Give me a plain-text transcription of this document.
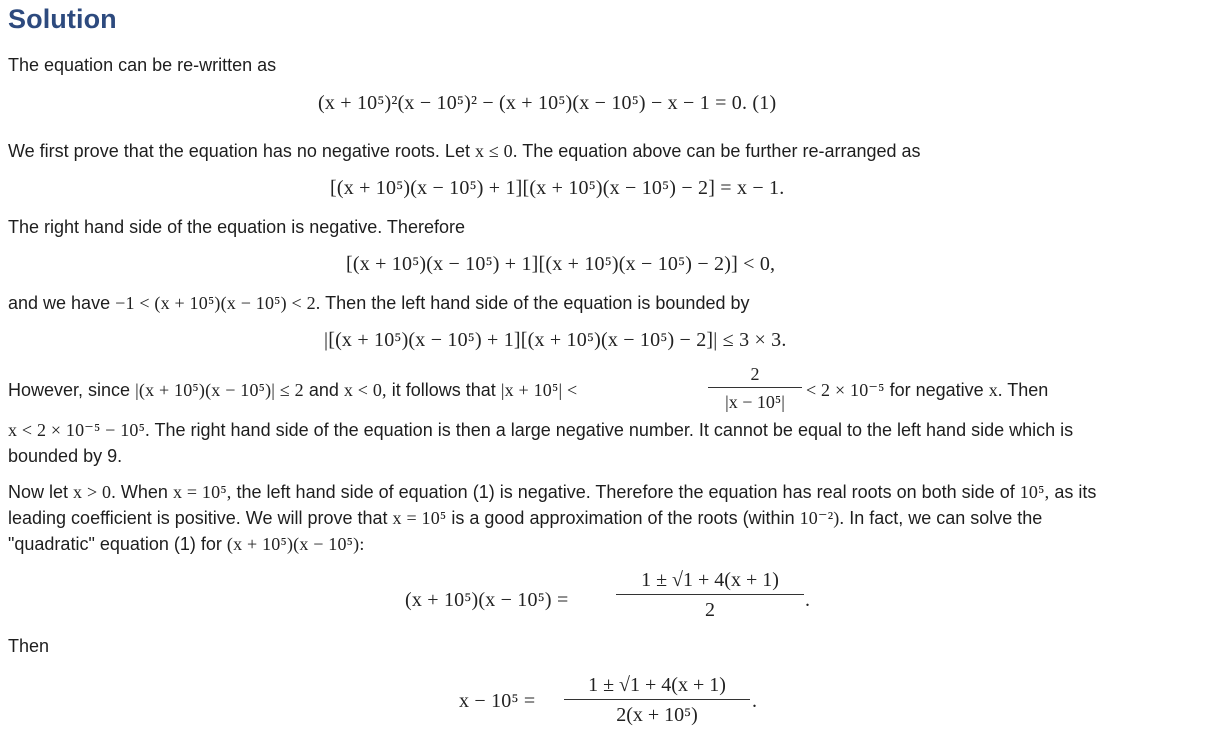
Solution
The equation can be re-written as
(x + 10⁵)²(x − 10⁵)² − (x + 10⁵)(x − 10⁵) − x − 1 = 0. (1)
We first prove that the equation has no negative roots. Let x ≤ 0. The equation above can be further re-arranged as
[(x + 10⁵)(x − 10⁵) + 1][(x + 10⁵)(x − 10⁵) − 2] = x − 1.
The right hand side of the equation is negative. Therefore
[(x + 10⁵)(x − 10⁵) + 1][(x + 10⁵)(x − 10⁵) − 2)] < 0,
and we have −1 < (x + 10⁵)(x − 10⁵) < 2. Then the left hand side of the equation is bounded by
|[(x + 10⁵)(x − 10⁵) + 1][(x + 10⁵)(x − 10⁵) − 2]| ≤ 3 × 3.
However, since |(x + 10⁵)(x − 10⁵)| ≤ 2 and x < 0, it follows that |x + 10⁵| <
2
|x − 10⁵|
< 2 × 10⁻⁵ for negative x. Then
x < 2 × 10⁻⁵ − 10⁵. The right hand side of the equation is then a large negative number. It cannot be equal to the left hand side which is
bounded by 9.
Now let x > 0. When x = 10⁵, the left hand side of equation (1) is negative. Therefore the equation has real roots on both side of 10⁵, as its
leading coefficient is positive. We will prove that x = 10⁵ is a good approximation of the roots (within 10⁻²). In fact, we can solve the
"quadratic" equation (1) for (x + 10⁵)(x − 10⁵):
(x + 10⁵)(x − 10⁵) =
1 ± √1 + 4(x + 1)
2	.
Then
x − 10⁵ =
1 ± √1 + 4(x + 1)
2(x + 10⁵)
.
